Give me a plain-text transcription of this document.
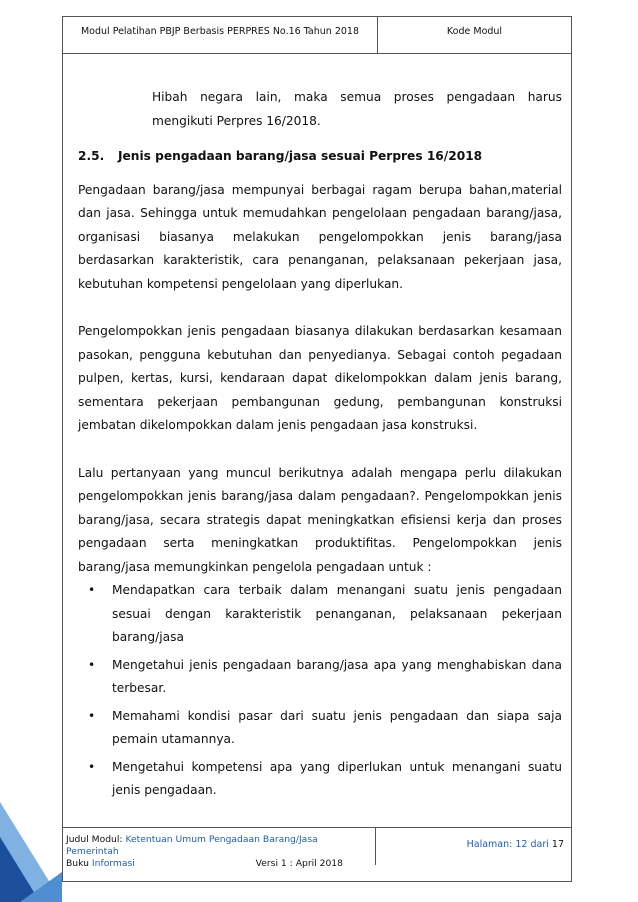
Modul Pelatihan PBJP Berbasis PERPRES No.16 Tahun 2018	Kode Modul

Hibah negara lain, maka semua proses pengadaan harus mengikuti Perpres 16/2018.

2.5.	Jenis pengadaan barang/jasa sesuai Perpres 16/2018

Pengadaan barang/jasa mempunyai berbagai ragam berupa bahan,material dan jasa. Sehingga untuk memudahkan pengelolaan pengadaan barang/jasa, organisasi biasanya melakukan pengelompokkan jenis barang/jasa berdasarkan karakteristik, cara penanganan, pelaksanaan pekerjaan jasa, kebutuhan kompetensi pengelolaan yang diperlukan.

Pengelompokkan jenis pengadaan biasanya dilakukan berdasarkan kesamaan pasokan, pengguna kebutuhan dan penyedianya. Sebagai contoh pegadaan pulpen, kertas, kursi, kendaraan dapat dikelompokkan dalam jenis barang, sementara pekerjaan pembangunan gedung, pembangunan konstruksi jembatan dikelompokkan dalam jenis pengadaan jasa konstruksi.

Lalu pertanyaan yang muncul berikutnya adalah mengapa perlu dilakukan pengelompokkan jenis barang/jasa dalam pengadaan?. Pengelompokkan jenis barang/jasa, secara strategis dapat meningkatkan efisiensi kerja dan proses pengadaan serta meningkatkan produktifitas. Pengelompokkan jenis barang/jasa memungkinkan pengelola pengadaan untuk :

• Mendapatkan cara terbaik dalam menangani suatu jenis pengadaan sesuai dengan karakteristik penanganan, pelaksanaan pekerjaan barang/jasa
• Mengetahui jenis pengadaan barang/jasa apa yang menghabiskan dana terbesar.
• Memahami kondisi pasar dari suatu jenis pengadaan dan siapa saja pemain utamannya.
• Mengetahui kompetensi apa yang diperlukan untuk menangani suatu jenis pengadaan.
Judul Modul: Ketentuan Umum Pengadaan Barang/Jasa Pemerintah
Buku Informasi	Versi 1 : April 2018
Halaman: 12 dari 17
